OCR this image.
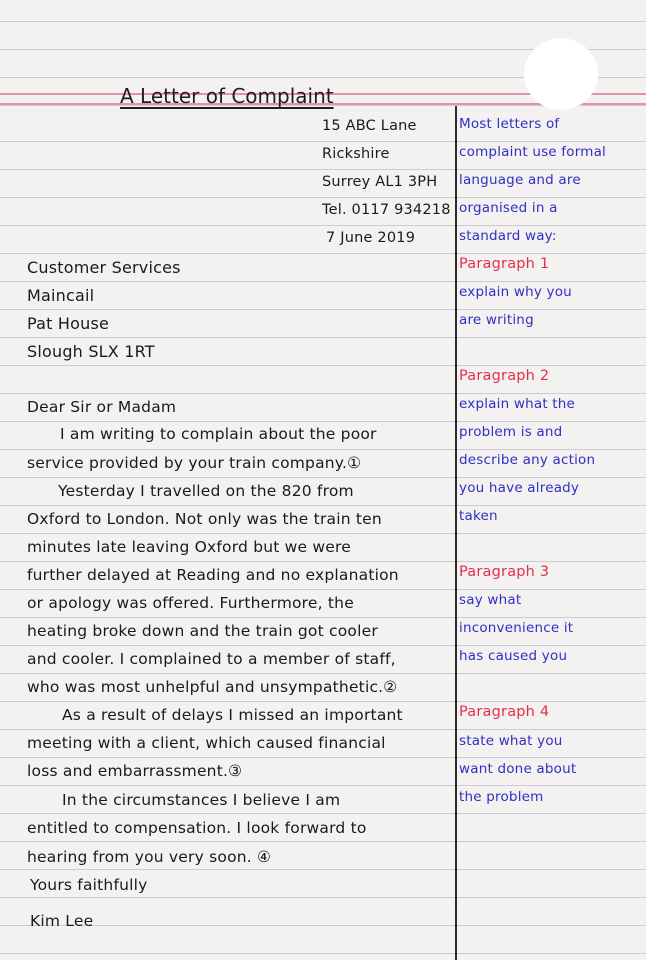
A Letter of Complaint
15 ABC Lane
Rickshire
Surrey AL1 3PH
Tel. 0117 934218
7 June 2019
Customer Services
Maincail
Pat House
Slough SLX 1RT
Dear Sir or Madam
I am writing to complain about the poor
service provided by your train company.①
Yesterday I travelled on the 820 from
Oxford to London. Not only was the train ten
minutes late leaving Oxford but we were
further delayed at Reading and no explanation
or apology was offered. Furthermore, the
heating broke down and the train got cooler
and cooler. I complained to a member of staff,
who was most unhelpful and unsympathetic.②
As a result of delays I missed an important
meeting with a client, which caused financial
loss and embarrassment.③
In the circumstances I believe I am
entitled to compensation. I look forward to
hearing from you very soon. ④
Yours faithfully
Kim Lee
Most letters of
complaint use formal
language and are
organised in a
standard way:
Paragraph 1
explain why you
are writing
Paragraph 2
explain what the
problem is and
describe any action
you have already
taken
Paragraph 3
say what
inconvenience it
has caused you
Paragraph 4
state what you
want done about
the problem
